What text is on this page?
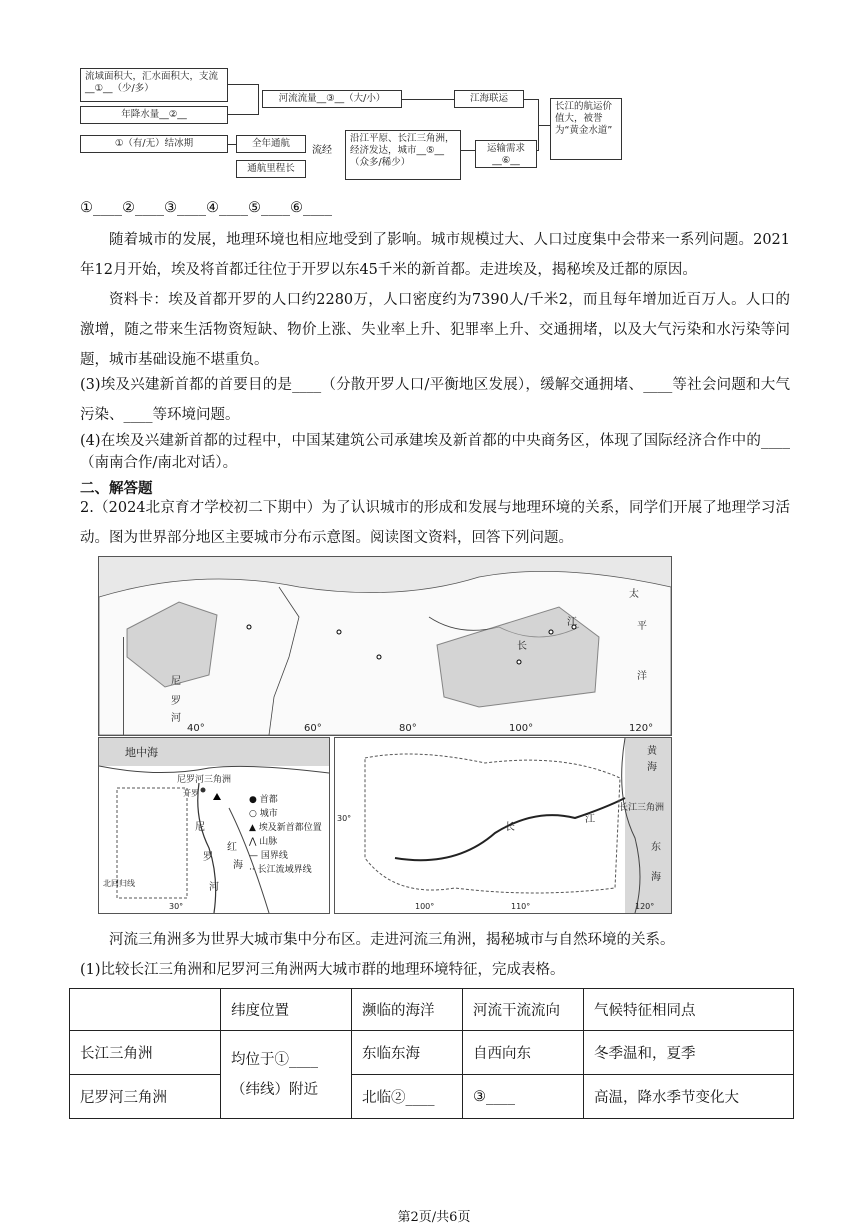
流域面积大，汇水面积大，支流__①__（少/多）
年降水量__②__
①（有/无）结冰期
河流流量__③__（大/小）	江海联运
全年通航
通航里程长
流经
沿江平原、长江三角洲，经济发达，城市__⑤__（众多/稀少）
运输需求__⑥__
长江的航运价值大，被誉为“黄金水道”
①____②____③____④____⑤____⑥____
随着城市的发展，地理环境也相应地受到了影响。城市规模过大、人口过度集中会带来一系列问题。2021年12月开始，埃及将首都迁往位于开罗以东45千米的新首都。走进埃及，揭秘埃及迁都的原因。
资料卡：埃及首都开罗的人口约2280万，人口密度约为7390人/千米2，而且每年增加近百万人。人口的激增，随之带来生活物资短缺、物价上涨、失业率上升、犯罪率上升、交通拥堵，以及大气污染和水污染等问题，城市基础设施不堪重负。
(3)埃及兴建新首都的首要目的是____（分散开罗人口/平衡地区发展），缓解交通拥堵、____等社会问题和大气污染、____等环境问题。
(4)在埃及兴建新首都的过程中，中国某建筑公司承建埃及新首都的中央商务区，体现了国际经济合作中的____（南南合作/南北对话）。
二、解答题
2.（2024北京育才学校初二下期中）为了认识城市的形成和发展与地理环境的关系，同学们开展了地理学习活动。图为世界部分地区主要城市分布示意图。阅读图文资料，回答下列问题。
太
平
洋
长
江
尼
罗
河
40°	60°	80°	100°	120°
地中海
尼罗河三角洲
开罗
尼
罗
河
红
海
北回归线
30°
● 首都
○ 城市
▲ 埃及新首都位置
⋀ 山脉
— 国界线
·· 长江流域界线
黄
海
长江三角洲
长
江
东
海
30°
100°	110°	120°
河流三角洲多为世界大城市集中分布区。走进河流三角洲，揭秘城市与自然环境的关系。
(1)比较长江三角洲和尼罗河三角洲两大城市群的地理环境特征，完成表格。
	纬度位置	濒临的海洋	河流干流流向	气候特征相同点
长江三角洲	均位于①____（纬线）附近	东临东海	自西向东	冬季温和，夏季
尼罗河三角洲		北临②____	③____	高温，降水季节变化大
第2页/共6页
